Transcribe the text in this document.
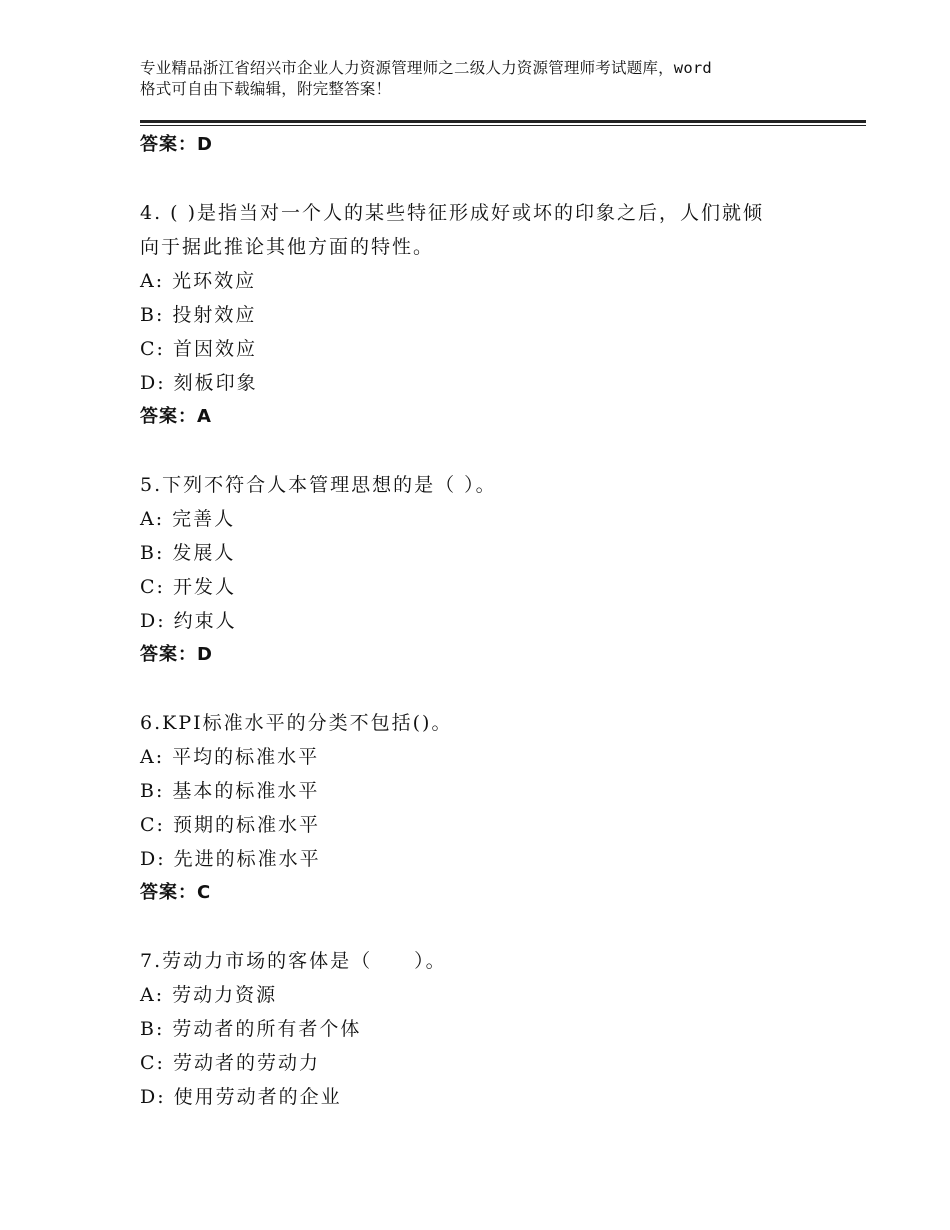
专业精品浙江省绍兴市企业人力资源管理师之二级人力资源管理师考试题库，word
格式可自由下载编辑，附完整答案！
答案：D
4. ( )是指当对一个人的某些特征形成好或坏的印象之后，人们就倾
向于据此推论其他方面的特性。
A: 光环效应
B: 投射效应
C: 首因效应
D: 刻板印象
答案：A
5.下列不符合人本管理思想的是（ ）。
A: 完善人
B: 发展人
C: 开发人
D: 约束人
答案：D
6.KPI标准水平的分类不包括()。
A: 平均的标准水平
B: 基本的标准水平
C: 预期的标准水平
D: 先进的标准水平
答案：C
7.劳动力市场的客体是（　　）。
A: 劳动力资源
B: 劳动者的所有者个体
C: 劳动者的劳动力
D: 使用劳动者的企业
